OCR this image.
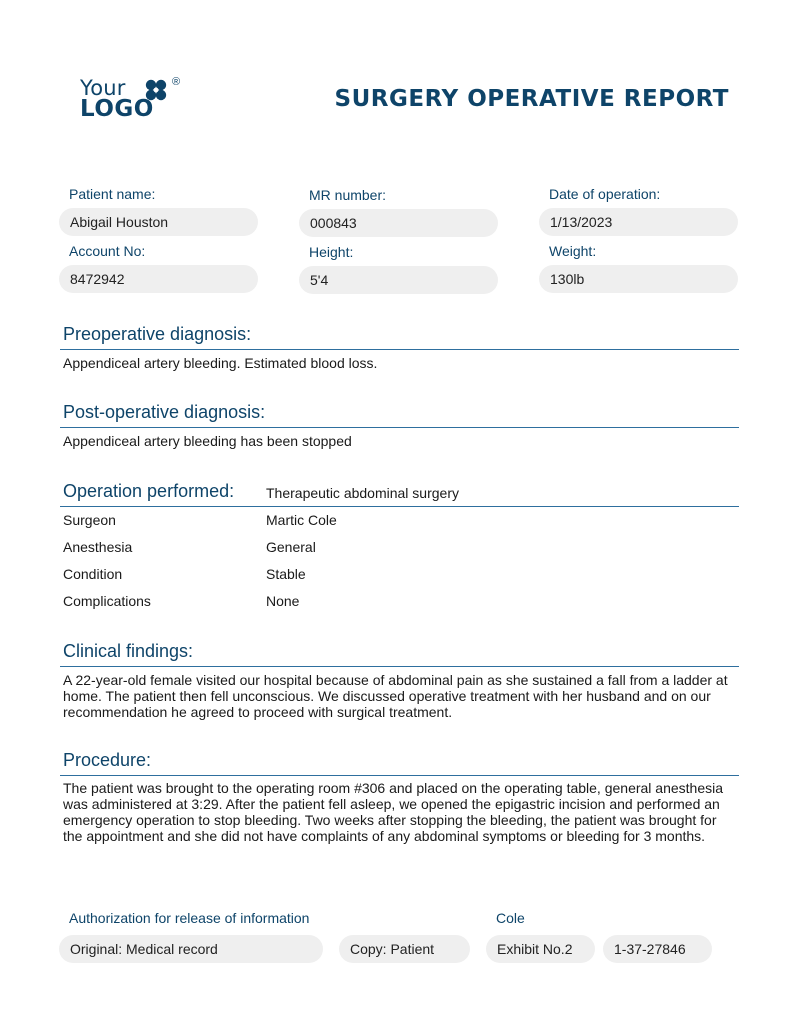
Your	®
LOGO	SURGERY OPERATIVE REPORT
Patient name:
Abigail Houston
MR number:
000843
Date of operation:
1/13/2023
Account No:
8472942
Height:
5'4
Weight:
130lb
Preoperative diagnosis:
Appendiceal artery bleeding. Estimated blood loss.
Post-operative diagnosis:
Appendiceal artery bleeding has been stopped
Operation performed: Therapeutic abdominal surgery
Surgeon	Martic Cole
Anesthesia	General
Condition	Stable
Complications	None
Clinical findings:
A 22-year-old female visited our hospital because of abdominal pain as she sustained a fall from a ladder at home. The patient then fell unconscious. We discussed operative treatment with her husband and on our recommendation he agreed to proceed with surgical treatment.
Procedure:
The patient was brought to the operating room #306 and placed on the operating table, general anesthesia was administered at 3:29. After the patient fell asleep, we opened the epigastric incision and performed an emergency operation to stop bleeding. Two weeks after stopping the bleeding, the patient was brought for the appointment and she did not have complaints of any abdominal symptoms or bleeding for 3 months.
Authorization for release of information	Cole
Original: Medical record	Copy: Patient	Exhibit No.2	1-37-27846
